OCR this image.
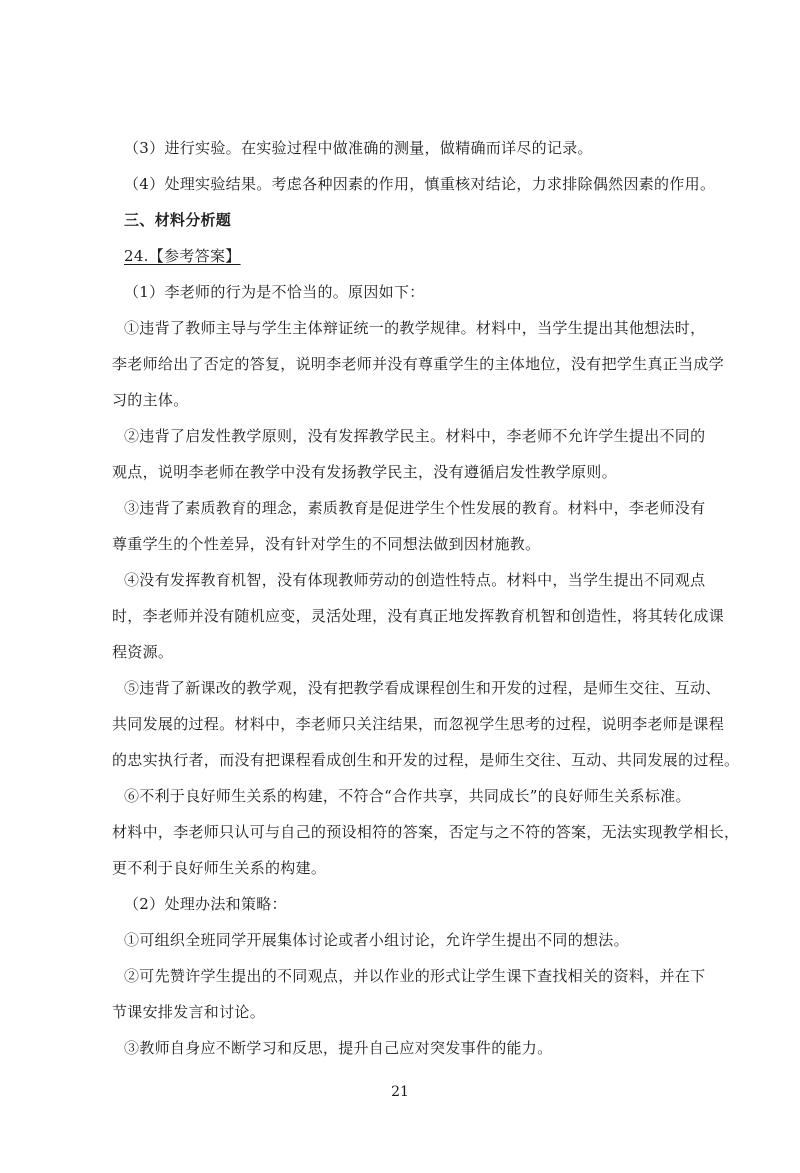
（3）进行实验。在实验过程中做准确的测量，做精确而详尽的记录。
（4）处理实验结果。考虑各种因素的作用，慎重核对结论，力求排除偶然因素的作用。
三、材料分析题
24.【参考答案】
（1）李老师的行为是不恰当的。原因如下：
①违背了教师主导与学生主体辩证统一的教学规律。材料中，当学生提出其他想法时，
李老师给出了否定的答复，说明李老师并没有尊重学生的主体地位，没有把学生真正当成学
习的主体。
②违背了启发性教学原则，没有发挥教学民主。材料中，李老师不允许学生提出不同的
观点，说明李老师在教学中没有发扬教学民主，没有遵循启发性教学原则。
③违背了素质教育的理念，素质教育是促进学生个性发展的教育。材料中，李老师没有
尊重学生的个性差异，没有针对学生的不同想法做到因材施教。
④没有发挥教育机智，没有体现教师劳动的创造性特点。材料中，当学生提出不同观点
时，李老师并没有随机应变，灵活处理，没有真正地发挥教育机智和创造性，将其转化成课
程资源。
⑤违背了新课改的教学观，没有把教学看成课程创生和开发的过程，是师生交往、互动、
共同发展的过程。材料中，李老师只关注结果，而忽视学生思考的过程，说明李老师是课程
的忠实执行者，而没有把课程看成创生和开发的过程，是师生交往、互动、共同发展的过程。
⑥不利于良好师生关系的构建，不符合“合作共享，共同成长”的良好师生关系标准。
材料中，李老师只认可与自己的预设相符的答案，否定与之不符的答案，无法实现教学相长，
更不利于良好师生关系的构建。
（2）处理办法和策略：
①可组织全班同学开展集体讨论或者小组讨论，允许学生提出不同的想法。
②可先赞许学生提出的不同观点，并以作业的形式让学生课下查找相关的资料，并在下
节课安排发言和讨论。
③教师自身应不断学习和反思，提升自己应对突发事件的能力。
21
